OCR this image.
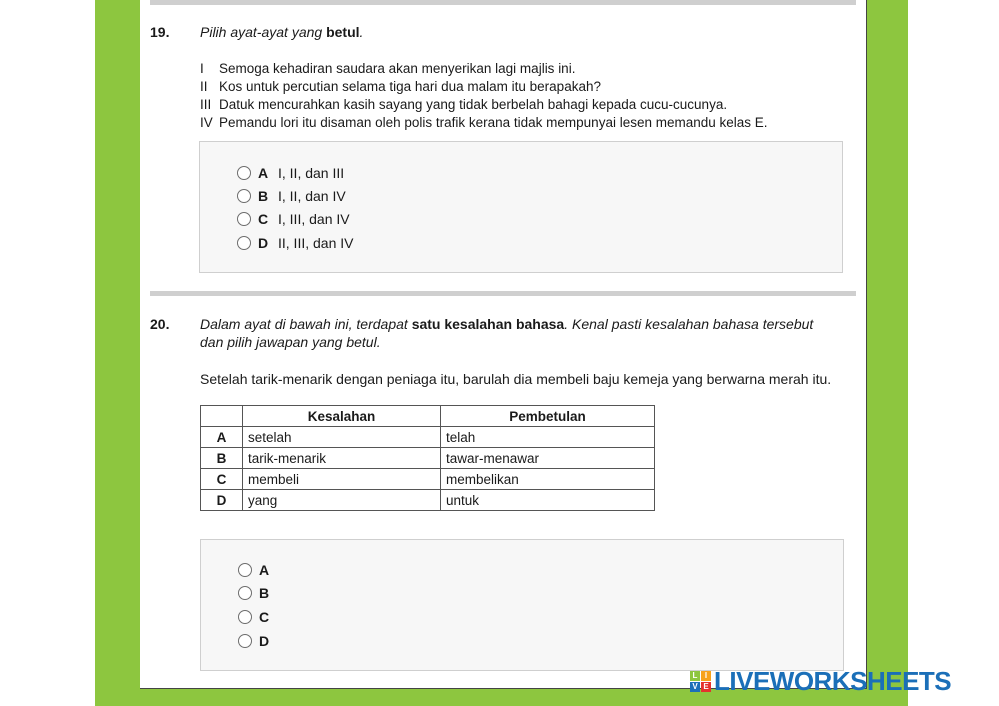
19. Pilih ayat-ayat yang betul.
I Semoga kehadiran saudara akan menyerikan lagi majlis ini.
II Kos untuk percutian selama tiga hari dua malam itu berapakah?
III Datuk mencurahkan kasih sayang yang tidak berbelah bahagi kepada cucu-cucunya.
IV Pemandu lori itu disaman oleh polis trafik kerana tidak mempunyai lesen memandu kelas E.
A I, II, dan III
B I, II, dan IV
C I, III, dan IV
D II, III, dan IV
20. Dalam ayat di bawah ini, terdapat satu kesalahan bahasa. Kenal pasti kesalahan bahasa tersebut
dan pilih jawapan yang betul.
Setelah tarik-menarik dengan peniaga itu, barulah dia membeli baju kemeja yang berwarna merah itu.
	Kesalahan	Pembetulan
A	setelah	telah
B	tarik-menarik	tawar-menawar
C	membeli	membelikan
D	yang	untuk
A
B
C
D
L I
V E LIVEWORKSHEETS
